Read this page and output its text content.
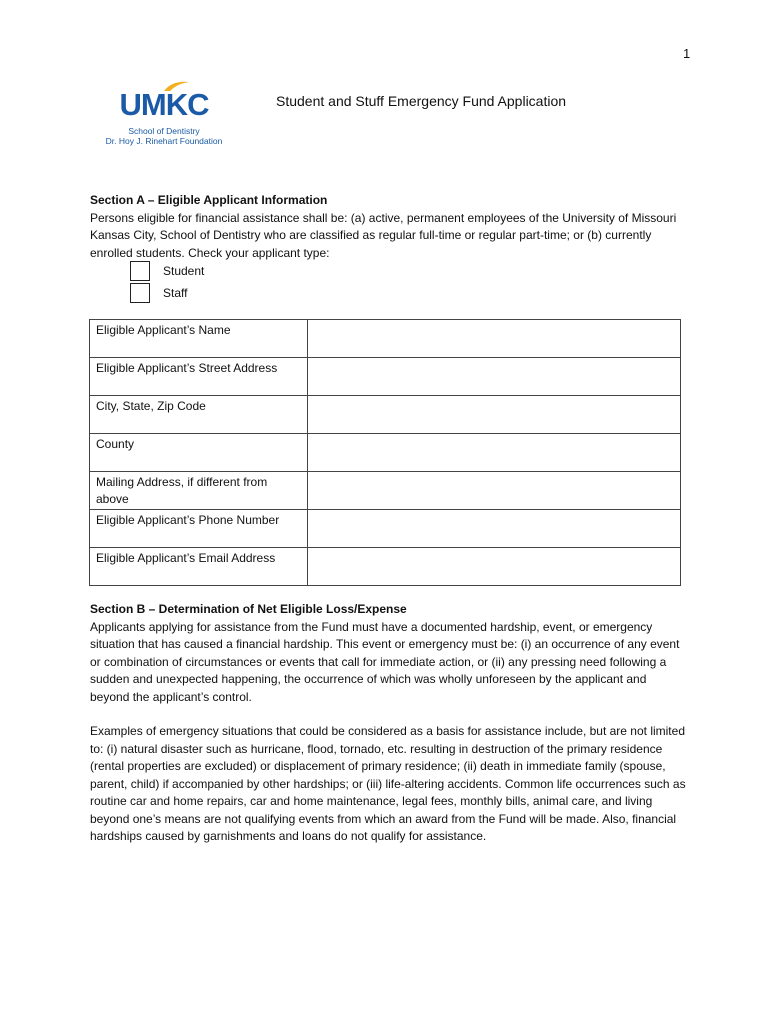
1
UMKC
School of Dentistry
Dr. Hoy J. Rinehart Foundation
Student and Stuff Emergency Fund Application
Section A – Eligible Applicant Information

Persons eligible for financial assistance shall be: (a) active, permanent employees of the University of Missouri Kansas City, School of Dentistry who are classified as regular full-time or regular part-time; or (b) currently enrolled students. Check your applicant type:

Student
Staff
Eligible Applicant’s Name	
Eligible Applicant’s Street Address	
City, State, Zip Code	
County	
Mailing Address, if different from above	
Eligible Applicant’s Phone Number	
Eligible Applicant’s Email Address	
Section B – Determination of Net Eligible Loss/Expense

Applicants applying for assistance from the Fund must have a documented hardship, event, or emergency situation that has caused a financial hardship. This event or emergency must be: (i) an occurrence of any event or combination of circumstances or events that call for immediate action, or (ii) any pressing need following a sudden and unexpected happening, the occurrence of which was wholly unforeseen by the applicant and beyond the applicant’s control.

Examples of emergency situations that could be considered as a basis for assistance include, but are not limited to: (i) natural disaster such as hurricane, flood, tornado, etc. resulting in destruction of the primary residence (rental properties are excluded) or displacement of primary residence; (ii) death in immediate family (spouse, parent, child) if accompanied by other hardships; or (iii) life-altering accidents. Common life occurrences such as routine car and home repairs, car and home maintenance, legal fees, monthly bills, animal care, and living beyond one’s means are not qualifying events from which an award from the Fund will be made. Also, financial hardships caused by garnishments and loans do not qualify for assistance.
